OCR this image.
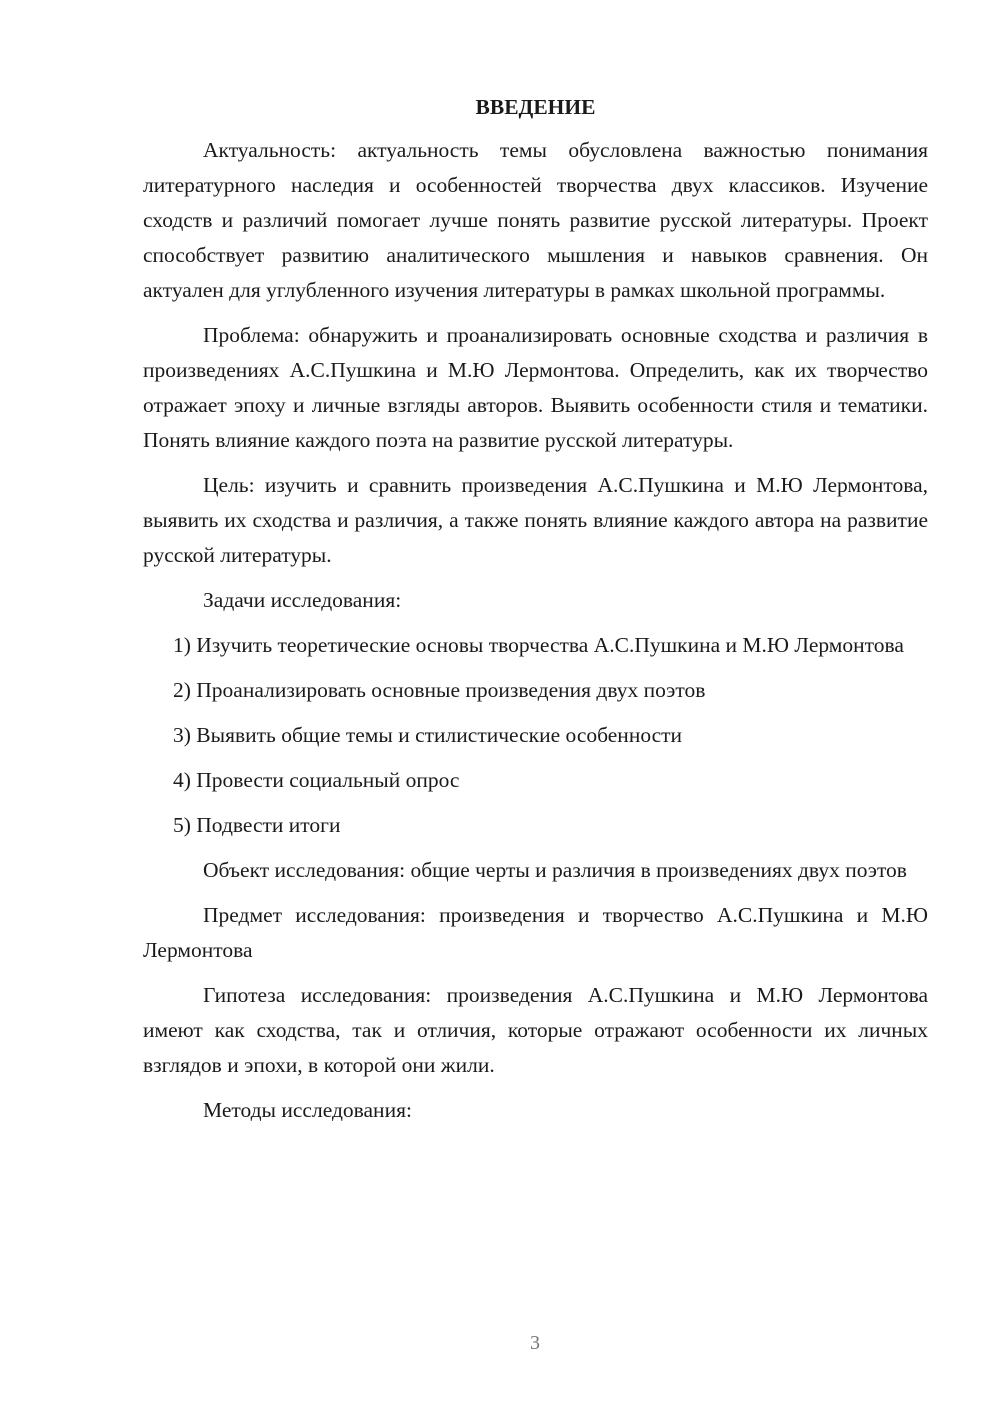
ВВЕДЕНИЕ

Актуальность: актуальность темы обусловлена важностью понимания литературного наследия и особенностей творчества двух классиков. Изучение сходств и различий помогает лучше понять развитие русской литературы. Проект способствует развитию аналитического мышления и навыков сравнения. Он актуален для углубленного изучения литературы в рамках школьной программы.

Проблема: обнаружить и проанализировать основные сходства и различия в произведениях А.С.Пушкина и М.Ю Лермонтова. Определить, как их творчество отражает эпоху и личные взгляды авторов. Выявить особенности стиля и тематики. Понять влияние каждого поэта на развитие русской литературы.

Цель: изучить и сравнить произведения А.С.Пушкина и М.Ю Лермонтова, выявить их сходства и различия, а также понять влияние каждого автора на развитие русской литературы.

Задачи исследования:

1) Изучить теоретические основы творчества А.С.Пушкина и М.Ю Лермонтова

2) Проанализировать основные произведения двух поэтов

3) Выявить общие темы и стилистические особенности

4) Провести социальный опрос

5) Подвести итоги

Объект исследования: общие черты и различия в произведениях двух поэтов

Предмет исследования: произведения и творчество А.С.Пушкина и М.Ю Лермонтова

Гипотеза исследования: произведения А.С.Пушкина и М.Ю Лермонтова имеют как сходства, так и отличия, которые отражают особенности их личных взглядов и эпохи, в которой они жили.

Методы исследования:

3
